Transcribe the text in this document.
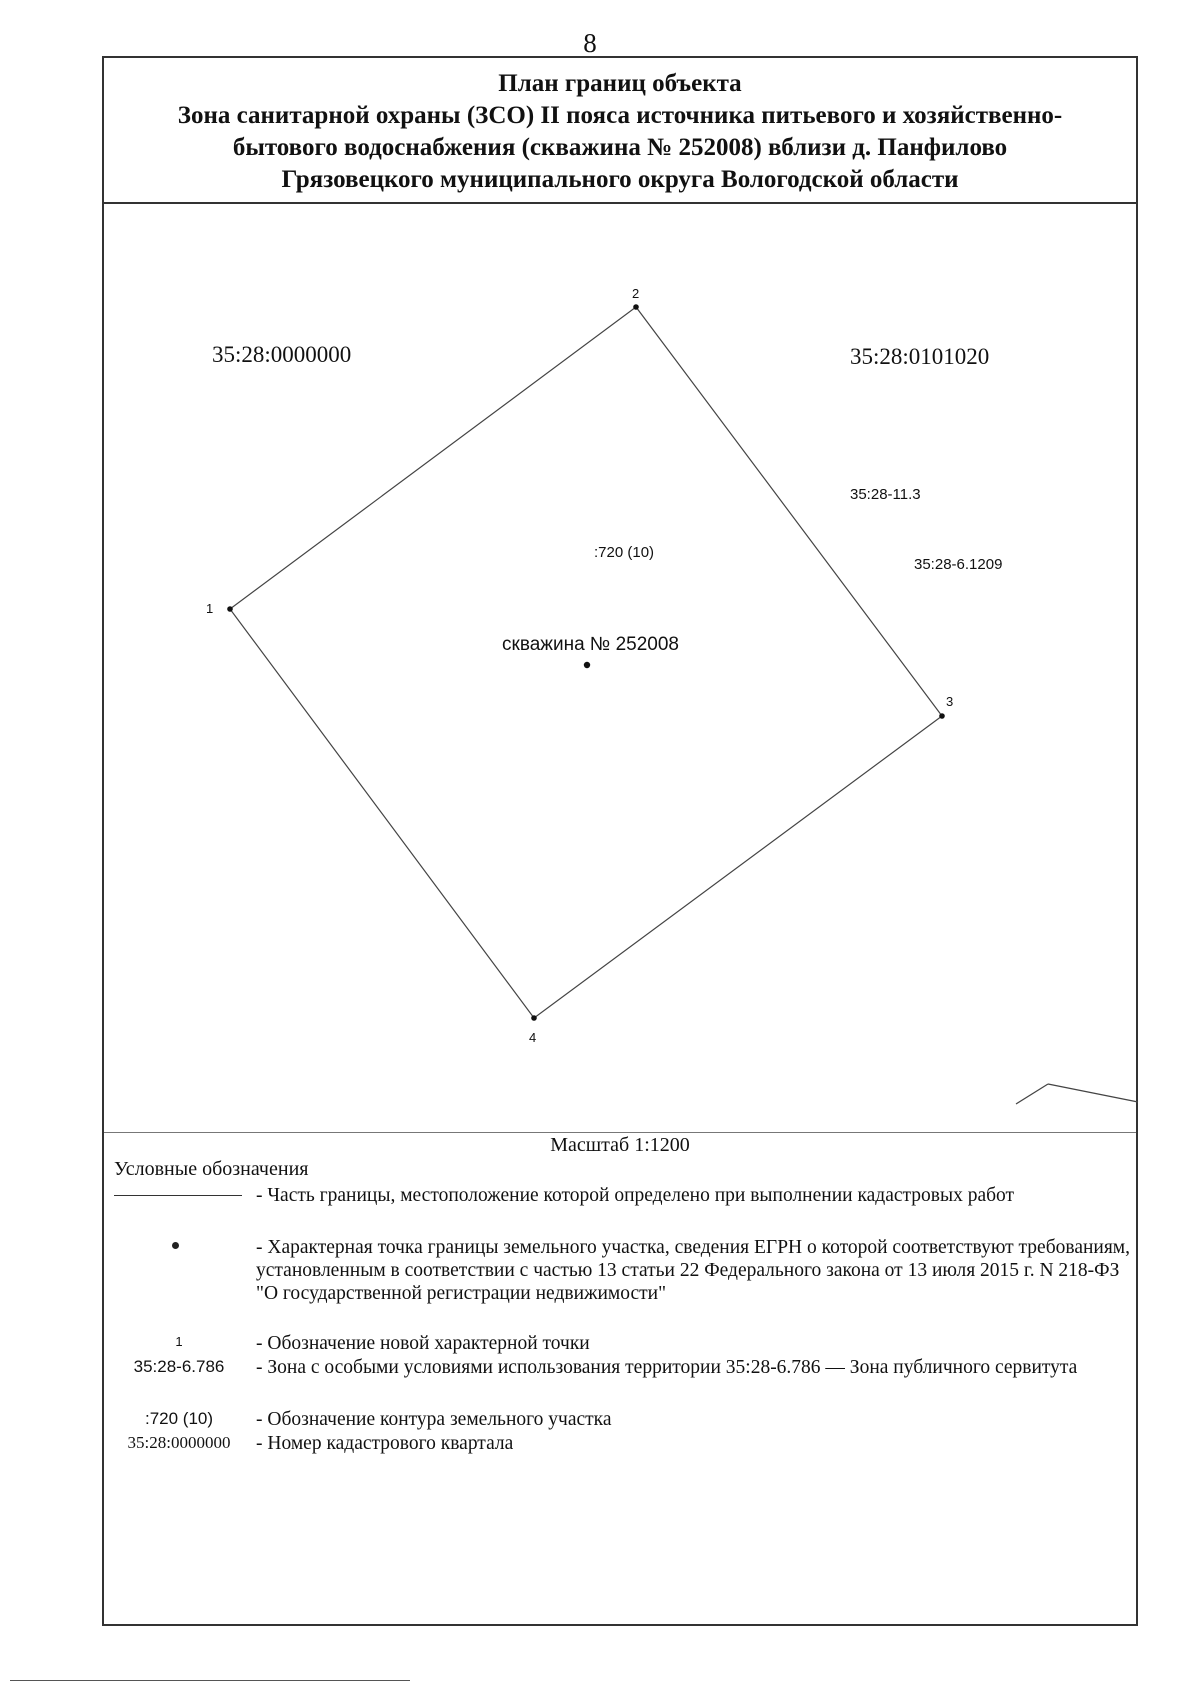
8
План границ объекта
Зона санитарной охраны (ЗСО) II пояса источника питьевого и хозяйственно-
бытового водоснабжения (скважина № 252008) вблизи д. Панфилово
Грязовецкого муниципального округа Вологодской области
35:28:0000000	35:28:0101020
35:28-11.3
35:28-6.1209
:720 (10)
скважина № 252008
1
2
3
4
Масштаб 1:1200
Условные обозначения
- Часть границы, местоположение которой определено при выполнении кадастровых работ
- Характерная точка границы земельного участка, сведения ЕГРН о которой соответствуют требованиям, установленным в соответствии с частью 13 статьи 22 Федерального закона от 13 июля 2015 г. N 218-ФЗ "О государственной регистрации недвижимости"
1	- Обозначение новой характерной точки
35:28-6.786	- Зона с особыми условиями использования территории 35:28-6.786 — Зона публичного сервитута
:720 (10)	- Обозначение контура земельного участка
35:28:0000000	- Номер кадастрового квартала
